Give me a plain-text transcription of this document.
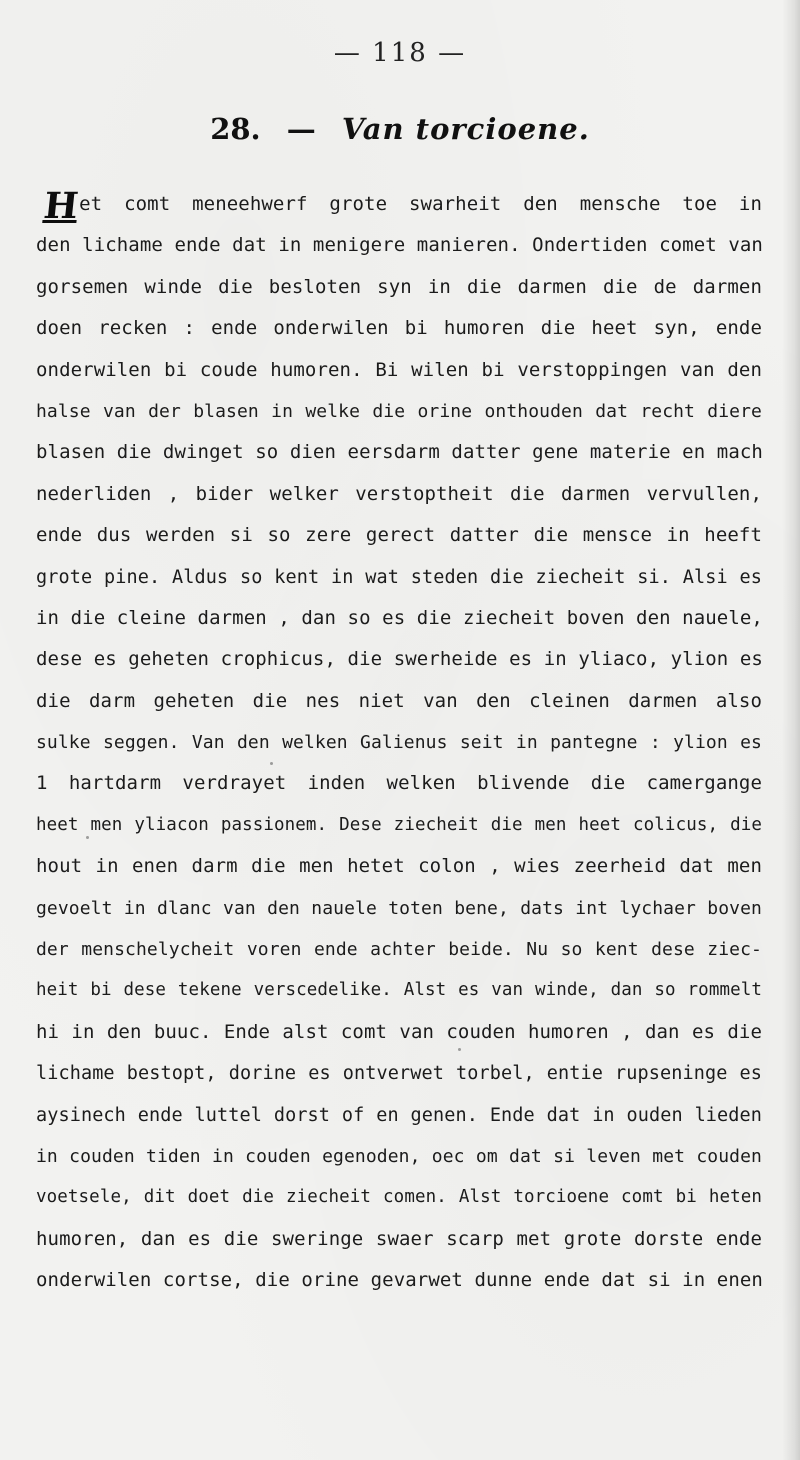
— 118 —
28. — Van torcioene.
H
et comt meneehwerf grote swarheit den mensche toe in
den lichame ende dat in menigere manieren. Ondertiden comet van
gorsemen winde die besloten syn in die darmen die de darmen
doen recken : ende onderwilen bi humoren die heet syn, ende
onderwilen bi coude humoren. Bi wilen bi verstoppingen van den
halse van der blasen in welke die orine onthouden dat recht diere
blasen die dwinget so dien eersdarm datter gene materie en mach
nederliden , bider welker verstoptheit die darmen vervullen,
ende dus werden si so zere gerect datter die mensce in heeft
grote pine. Aldus so kent in wat steden die ziecheit si. Alsi es
in die cleine darmen , dan so es die ziecheit boven den nauele,
dese es geheten crophicus, die swerheide es in yliaco, ylion es
die darm geheten die nes niet van den cleinen darmen also
sulke seggen. Van den welken Galienus seit in pantegne : ylion es
1 hartdarm verdrayet inden welken blivende die camergange
heet men yliacon passionem. Dese ziecheit die men heet colicus, die
hout in enen darm die men hetet colon , wies zeerheid dat men
gevoelt in dlanc van den nauele toten bene, dats int lychaer boven
der menschelycheit voren ende achter beide. Nu so kent dese ziec-
heit bi dese tekene verscedelike. Alst es van winde, dan so rommelt
hi in den buuc. Ende alst comt van couden humoren , dan es die
lichame bestopt, dorine es ontverwet torbel, entie rupseninge es
aysinech ende luttel dorst of en genen. Ende dat in ouden lieden
in couden tiden in couden egenoden, oec om dat si leven met couden
voetsele, dit doet die ziecheit comen. Alst torcioene comt bi heten
humoren, dan es die sweringe swaer scarp met grote dorste ende
onderwilen cortse, die orine gevarwet dunne ende dat si in enen
